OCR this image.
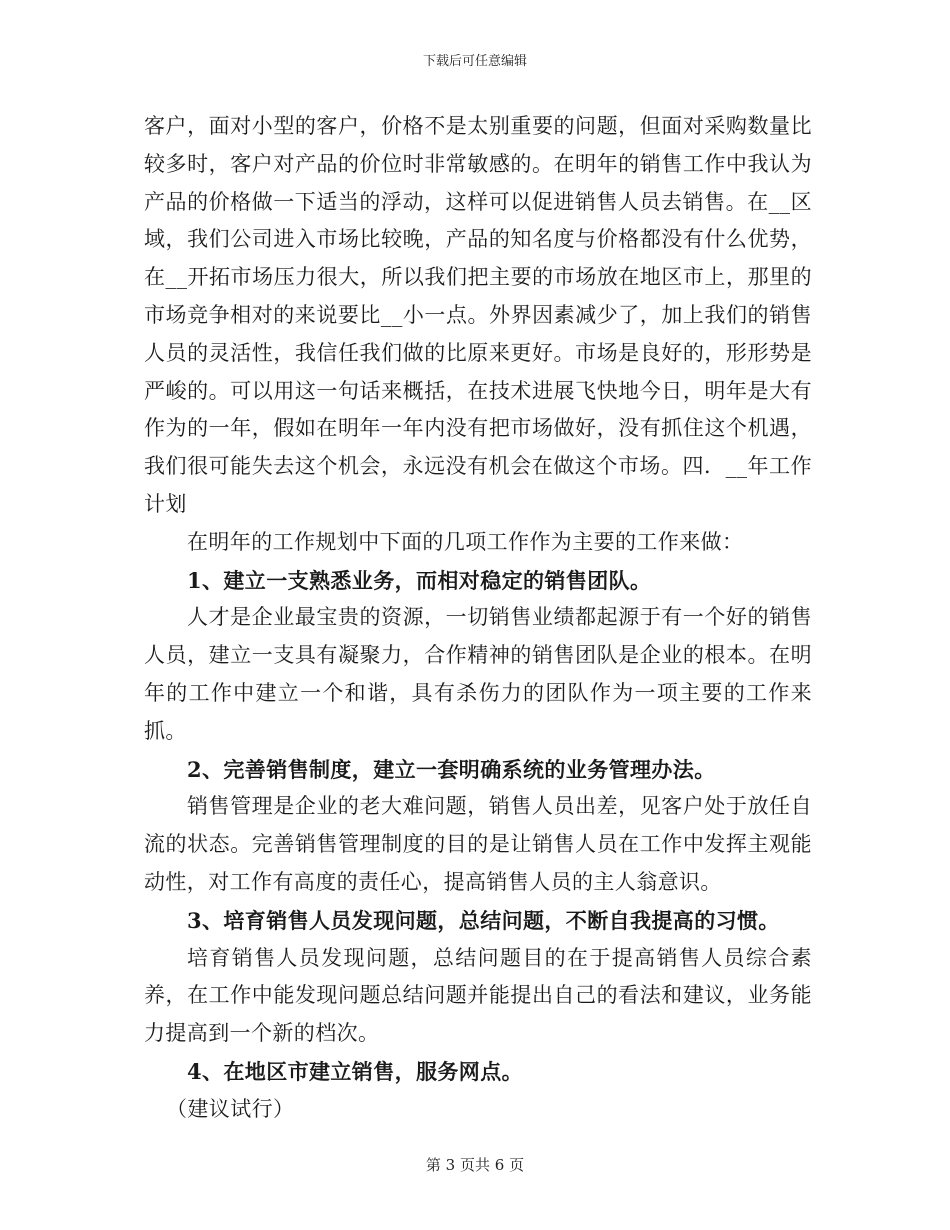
下载后可任意编辑

客户，面对小型的客户，价格不是太别重要的问题，但面对采购数量比较多时，客户对产品的价位时非常敏感的。在明年的销售工作中我认为产品的价格做一下适当的浮动，这样可以促进销售人员去销售。在__区域，我们公司进入市场比较晚，产品的知名度与价格都没有什么优势，在__开拓市场压力很大，所以我们把主要的市场放在地区市上，那里的市场竞争相对的来说要比__小一点。外界因素减少了，加上我们的销售人员的灵活性，我信任我们做的比原来更好。市场是良好的，形形势是严峻的。可以用这一句话来概括，在技术进展飞快地今日，明年是大有作为的一年，假如在明年一年内没有把市场做好，没有抓住这个机遇，我们很可能失去这个机会，永远没有机会在做这个市场。四．__年工作计划

在明年的工作规划中下面的几项工作作为主要的工作来做：

1、建立一支熟悉业务，而相对稳定的销售团队。

人才是企业最宝贵的资源，一切销售业绩都起源于有一个好的销售人员，建立一支具有凝聚力，合作精神的销售团队是企业的根本。在明年的工作中建立一个和谐，具有杀伤力的团队作为一项主要的工作来抓。

2、完善销售制度，建立一套明确系统的业务管理办法。

销售管理是企业的老大难问题，销售人员出差，见客户处于放任自流的状态。完善销售管理制度的目的是让销售人员在工作中发挥主观能动性，对工作有高度的责任心，提高销售人员的主人翁意识。

3、培育销售人员发现问题，总结问题，不断自我提高的习惯。

培育销售人员发现问题，总结问题目的在于提高销售人员综合素养，在工作中能发现问题总结问题并能提出自己的看法和建议，业务能力提高到一个新的档次。

4、在地区市建立销售，服务网点。

（建议试行）

第 3 页共 6 页
